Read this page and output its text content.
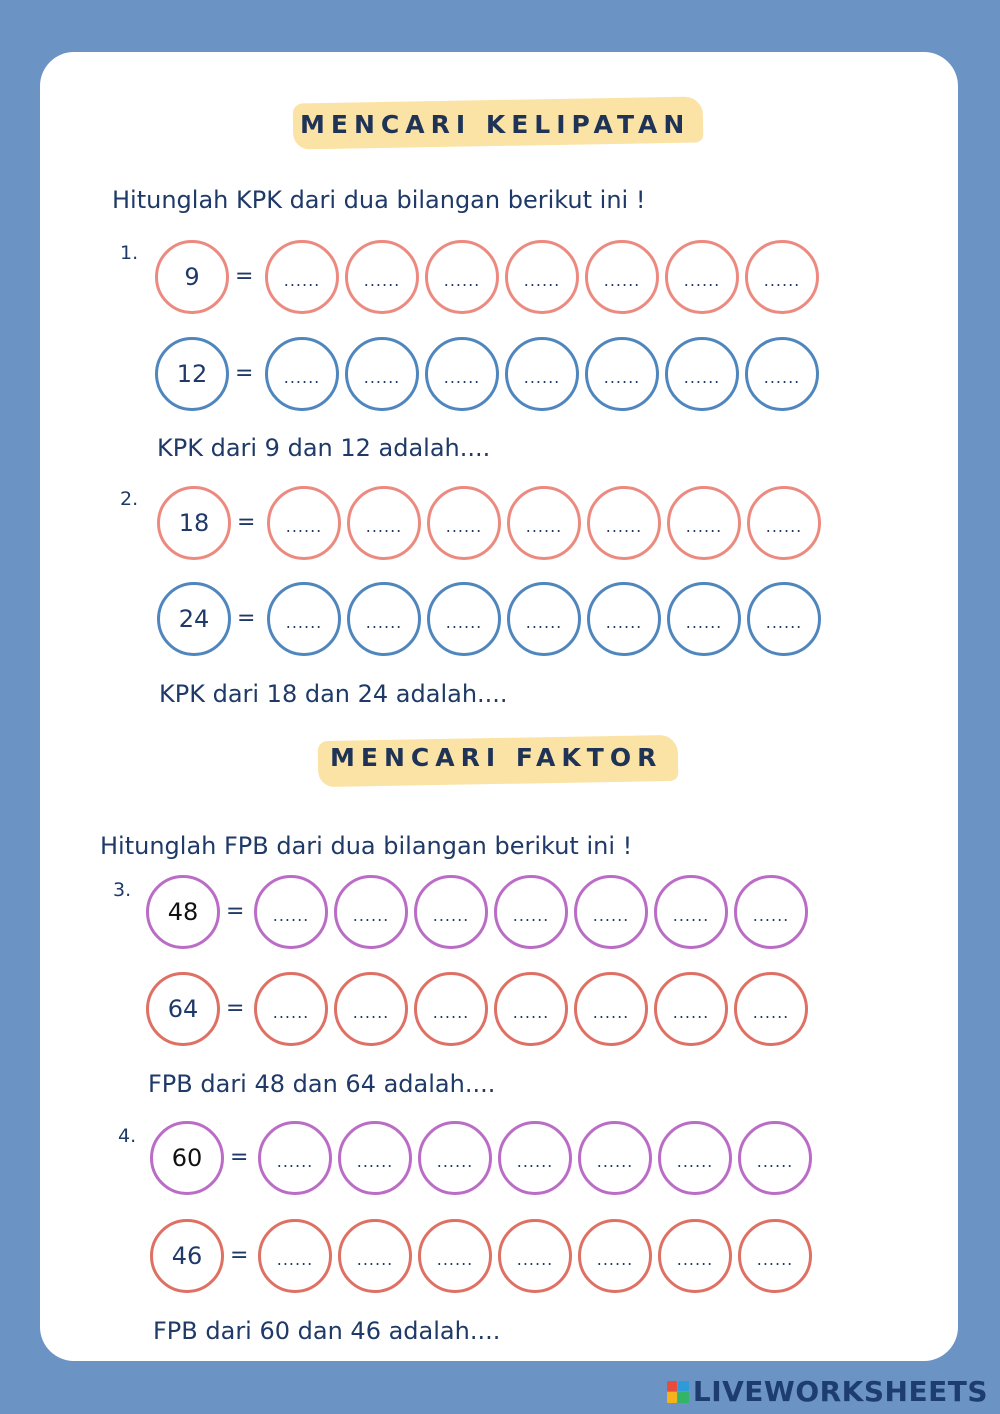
MENCARI KELIPATAN
Hitunglah KPK dari dua bilangan berikut ini !
1.
9 = ......	......	......	......	......	......	......
12 = ......	......	......	......	......	......	......
KPK dari 9 dan 12 adalah....
2.
18 = ......	......	......	......	......	......	......
24 = ......	......	......	......	......	......	......
KPK dari 18 dan 24 adalah....
MENCARI FAKTOR
Hitunglah FPB dari dua bilangan berikut ini !
3.
48 = ......	......	......	......	......	......	......
64 = ......	......	......	......	......	......	......
FPB dari 48 dan 64 adalah....
4.
60 = ......	......	......	......	......	......	......
46 = ......	......	......	......	......	......	......
FPB dari 60 dan 46 adalah....
LIVEWORKSHEETS
